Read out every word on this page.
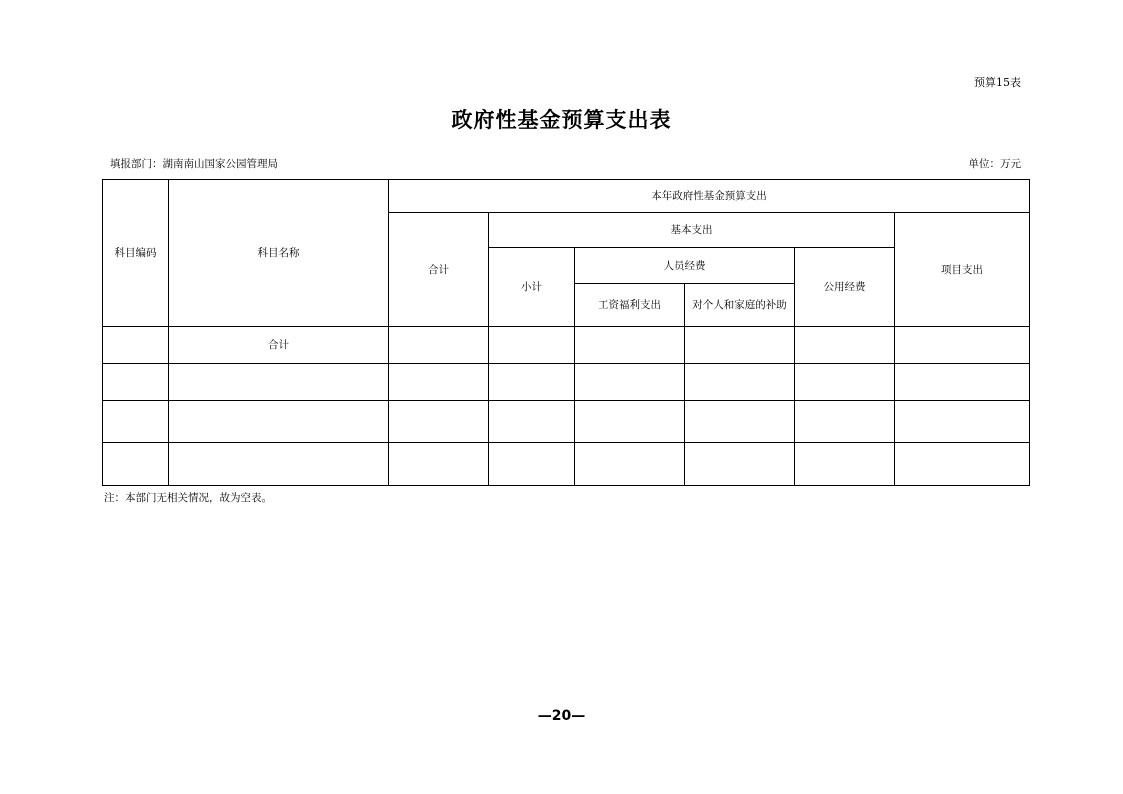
预算15表
政府性基金预算支出表
填报部门：湖南南山国家公园管理局	单位：万元
科目编码	科目名称	本年政府性基金预算支出					
		合计	基本支出				项目支出
			小计	人员经费		公用经费	
				工资福利支出	对个人和家庭的补助		
	合计						

注：本部门无相关情况，故为空表。
—20—
